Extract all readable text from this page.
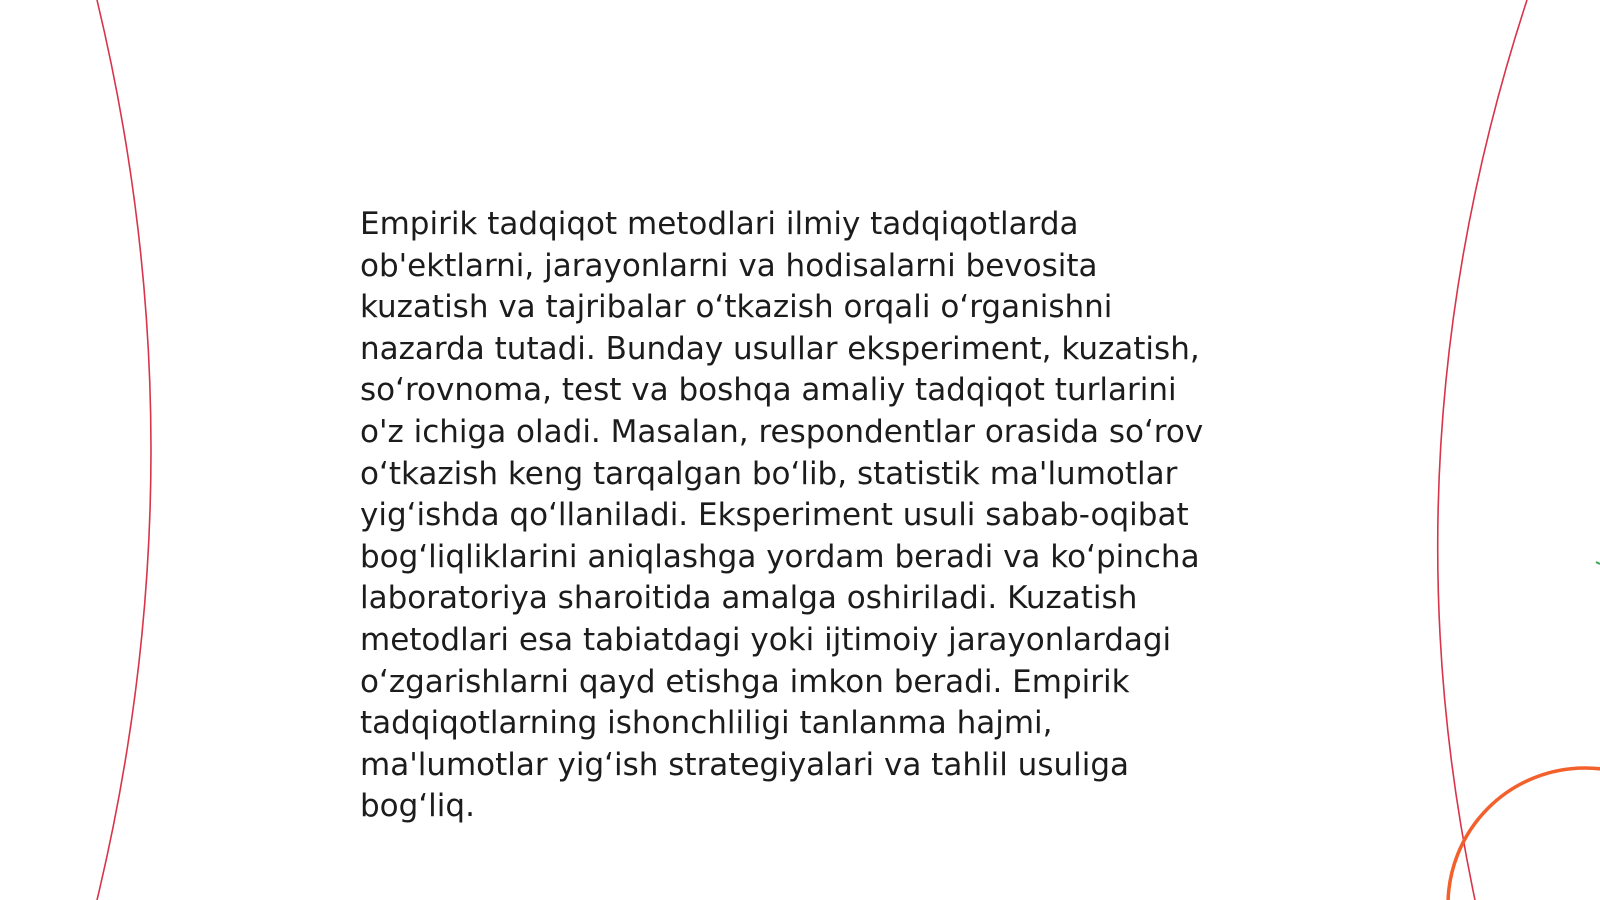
Empirik tadqiqot metodlari ilmiy tadqiqotlarda
ob'ektlarni, jarayonlarni va hodisalarni bevosita
kuzatish va tajribalar o‘tkazish orqali o‘rganishni
nazarda tutadi. Bunday usullar eksperiment, kuzatish,
so‘rovnoma, test va boshqa amaliy tadqiqot turlarini
o'z ichiga oladi. Masalan, respondentlar orasida so‘rov
o‘tkazish keng tarqalgan bo‘lib, statistik ma'lumotlar
yig‘ishda qo‘llaniladi. Eksperiment usuli sabab-oqibat
bog‘liqliklarini aniqlashga yordam beradi va ko‘pincha
laboratoriya sharoitida amalga oshiriladi. Kuzatish
metodlari esa tabiatdagi yoki ijtimoiy jarayonlardagi
o‘zgarishlarni qayd etishga imkon beradi. Empirik
tadqiqotlarning ishonchliligi tanlanma hajmi,
ma'lumotlar yig‘ish strategiyalari va tahlil usuliga
bog‘liq.
